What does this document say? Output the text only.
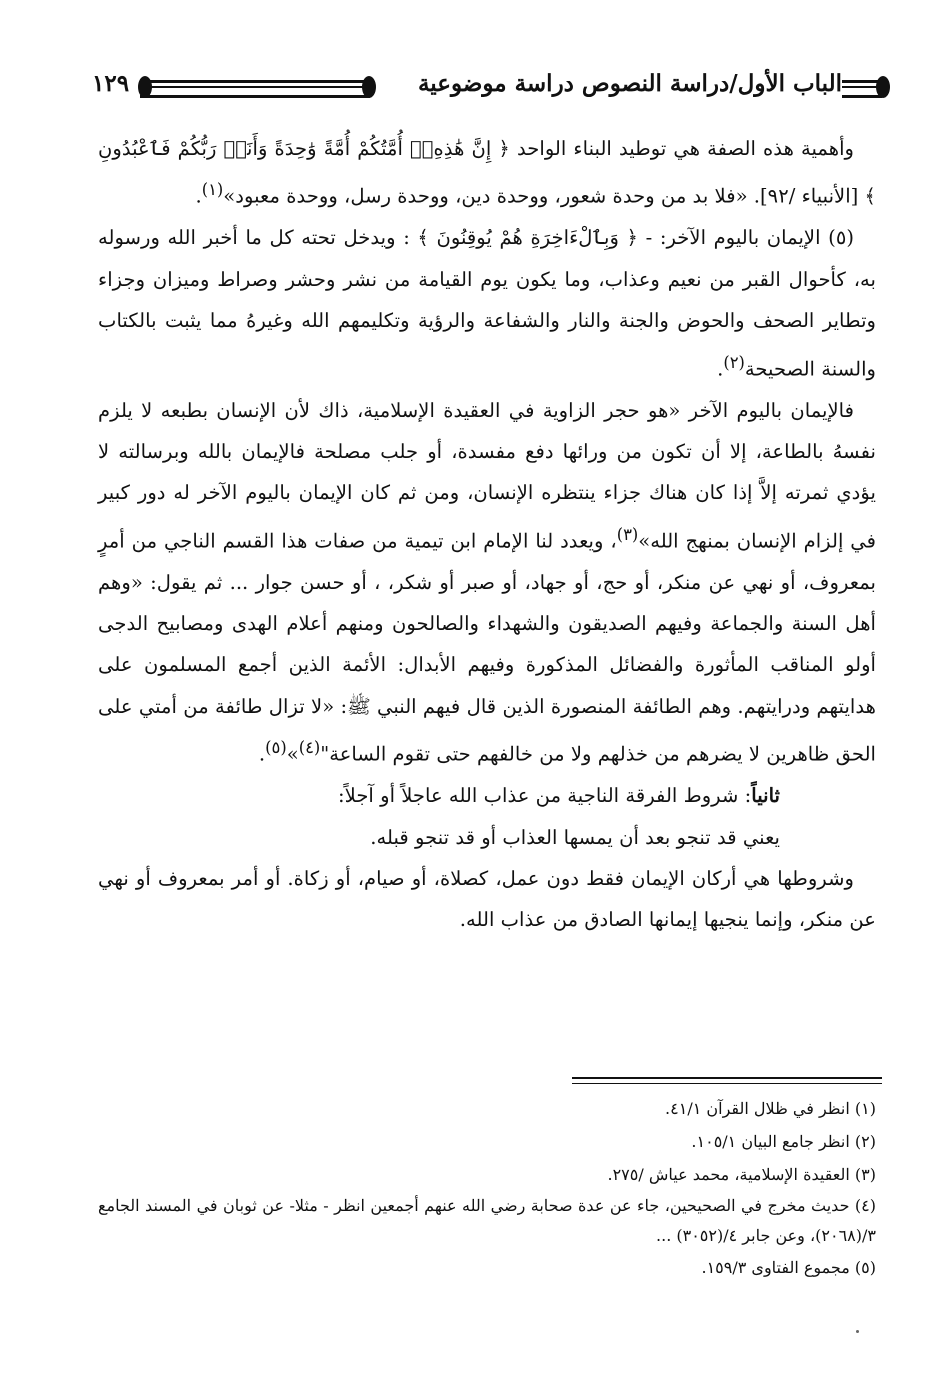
الباب الأول/دراسة النصوص دراسة موضوعية
١٢٩

وأهمية هذه الصفة هي توطيد البناء الواحد ﴿ إِنَّ هَٰذِهِۦٓ أُمَّتُكُمْ أُمَّةً وَٰحِدَةً وَأَنَا۠ رَبُّكُمْ فَٱعْبُدُونِ ﴾ [الأنبياء /٩٢]. «فلا بد من وحدة شعور، ووحدة دين، ووحدة رسل، ووحدة معبود»$^{(١)}$.

(٥) الإيمان باليوم الآخر: - ﴿ وَبِٱلْءَاخِرَةِ هُمْ يُوقِنُونَ ﴾ : ويدخل تحته كل ما أخبر الله ورسوله به، كأحوال القبر من نعيم وعذاب، وما يكون يوم القيامة من نشر وحشر وصراط وميزان وجزاء وتطاير الصحف والحوض والجنة والنار والشفاعة والرؤية وتكليمهم الله وغيرهُ مما يثبت بالكتاب والسنة الصحيحة$^{(٢)}$.

فالإيمان باليوم الآخر «هو حجر الزاوية في العقيدة الإسلامية، ذاك لأن الإنسان بطبعه لا يلزم نفسهُ بالطاعة، إلا أن تكون من ورائها دفع مفسدة، أو جلب مصلحة فالإيمان بالله وبرسالته لا يؤدي ثمرته إلاَّ إذا كان هناك جزاء ينتظره الإنسان، ومن ثم كان الإيمان باليوم الآخر له دور كبير في إلزام الإنسان بمنهج الله»$^{(٣)}$، ويعدد لنا الإمام ابن تيمية من صفات هذا القسم الناجي من أمرٍ بمعروف، أو نهي عن منكر، أو حج، أو جهاد، أو صبر أو شكر، ، أو حسن جوار ... ثم يقول: «وهم أهل السنة والجماعة وفيهم الصديقون والشهداء والصالحون ومنهم أعلام الهدى ومصابيح الدجى أولو المناقب المأثورة والفضائل المذكورة وفيهم الأبدال: الأئمة الذين أجمع المسلمون على هدايتهم ودرايتهم. وهم الطائفة المنصورة الذين قال فيهم النبي ﷺ: «لا تزال طائفة من أمتي على الحق ظاهرين لا يضرهم من خذلهم ولا من خالفهم حتى تقوم الساعة"$^{(٤)}$»$^{(٥)}$.

ثانياً: شروط الفرقة الناجية من عذاب الله عاجلاً أو آجلاً:

يعني قد تنجو بعد أن يمسها العذاب أو قد تنجو قبله.

وشروطها هي أركان الإيمان فقط دون عمل، كصلاة، أو صيام، أو زكاة. أو أمر بمعروف أو نهي عن منكر، وإنما ينجيها إيمانها الصادق من عذاب الله.

(١) انظر في ظلال القرآن ٤١/١.

(٢) انظر جامع البيان ١٠٥/١.

(٣) العقيدة الإسلامية، محمد عياش /٢٧٥.

(٤) حديث مخرج في الصحيحين، جاء عن عدة صحابة رضي الله عنهم أجمعين انظر - مثلا- عن ثوبان في المسند الجامع ٣/(٢٠٦٨)، وعن جابر ٤/(٣٠٥٢) ...

(٥) مجموع الفتاوى ١٥٩/٣.
